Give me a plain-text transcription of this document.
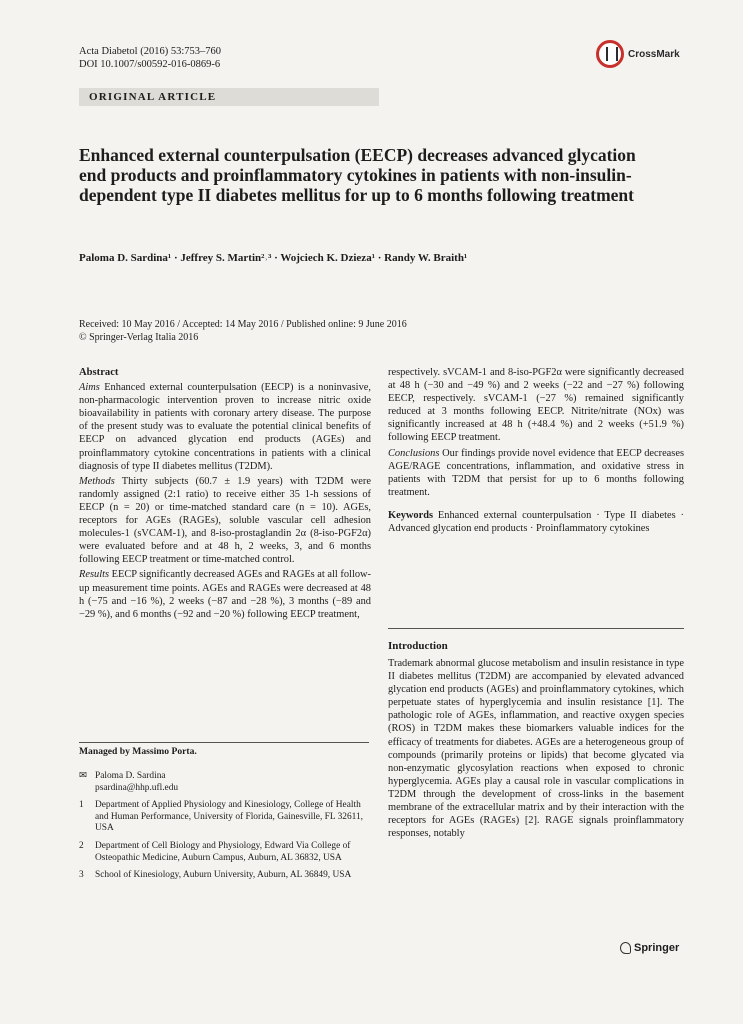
Acta Diabetol (2016) 53:753–760
DOI 10.1007/s00592-016-0869-6
CrossMark
ORIGINAL ARTICLE
Enhanced external counterpulsation (EECP) decreases advanced glycation end products and proinflammatory cytokines in patients with non-insulin-dependent type II diabetes mellitus for up to 6 months following treatment
Paloma D. Sardina¹ · Jeffrey S. Martin²˒³ · Wojciech K. Dzieza¹ · Randy W. Braith¹
Received: 10 May 2016 / Accepted: 14 May 2016 / Published online: 9 June 2016
© Springer-Verlag Italia 2016

Abstract

Aims Enhanced external counterpulsation (EECP) is a noninvasive, non-pharmacologic intervention proven to increase nitric oxide bioavailability in patients with coronary artery disease. The purpose of the present study was to evaluate the potential clinical benefits of EECP on advanced glycation end products (AGEs) and proinflammatory cytokine concentrations in patients with a clinical diagnosis of type II diabetes mellitus (T2DM).

Methods Thirty subjects (60.7 ± 1.9 years) with T2DM were randomly assigned (2:1 ratio) to receive either 35 1-h sessions of EECP (n = 20) or time-matched standard care (n = 10). AGEs, receptors for AGEs (RAGEs), soluble vascular cell adhesion molecules-1 (sVCAM-1), and 8-iso-prostaglandin 2α (8-iso-PGF2α) were evaluated before and at 48 h, 2 weeks, 3, and 6 months following EECP treatment or time-matched control.

Results EECP significantly decreased AGEs and RAGEs at all follow-up measurement time points. AGEs and RAGEs were decreased at 48 h (−75 and −16 %), 2 weeks (−87 and −28 %), 3 months (−89 and −29 %), and 6 months (−92 and −20 %) following EECP treatment,

respectively. sVCAM-1 and 8-iso-PGF2α were significantly decreased at 48 h (−30 and −49 %) and 2 weeks (−22 and −27 %) following EECP, respectively. sVCAM-1 (−27 %) remained significantly reduced at 3 months following EECP. Nitrite/nitrate (NOx) was significantly increased at 48 h (+48.4 %) and 2 weeks (+51.9 %) following EECP treatment.

Conclusions Our findings provide novel evidence that EECP decreases AGE/RAGE concentrations, inflammation, and oxidative stress in patients with T2DM that persist for up to 6 months following treatment.

Keywords Enhanced external counterpulsation · Type II diabetes · Advanced glycation end products · Proinflammatory cytokines

Managed by Massimo Porta.
✉ Paloma D. Sardina
psardina@hhp.ufl.edu
1	Department of Applied Physiology and Kinesiology, College of Health and Human Performance, University of Florida, Gainesville, FL 32611, USA
2	Department of Cell Biology and Physiology, Edward Via College of Osteopathic Medicine, Auburn Campus, Auburn, AL 36832, USA
3	School of Kinesiology, Auburn University, Auburn, AL 36849, USA
Introduction
Trademark abnormal glucose metabolism and insulin resistance in type II diabetes mellitus (T2DM) are accompanied by elevated advanced glycation end products (AGEs) and proinflammatory cytokines, which perpetuate states of hyperglycemia and insulin resistance [1]. The pathologic role of AGEs, inflammation, and reactive oxygen species (ROS) in T2DM makes these biomarkers valuable indices for the efficacy of treatments for diabetes. AGEs are a heterogeneous group of compounds (primarily proteins or lipids) that become glycated via non-enzymatic glycosylation reactions when exposed to chronic hyperglycemia. AGEs play a causal role in vascular complications in T2DM through the development of cross-links in the basement membrane of the extracellular matrix and by their interaction with the receptors for AGEs (RAGEs) [2]. RAGE signals proinflammatory responses, notably
Springer
